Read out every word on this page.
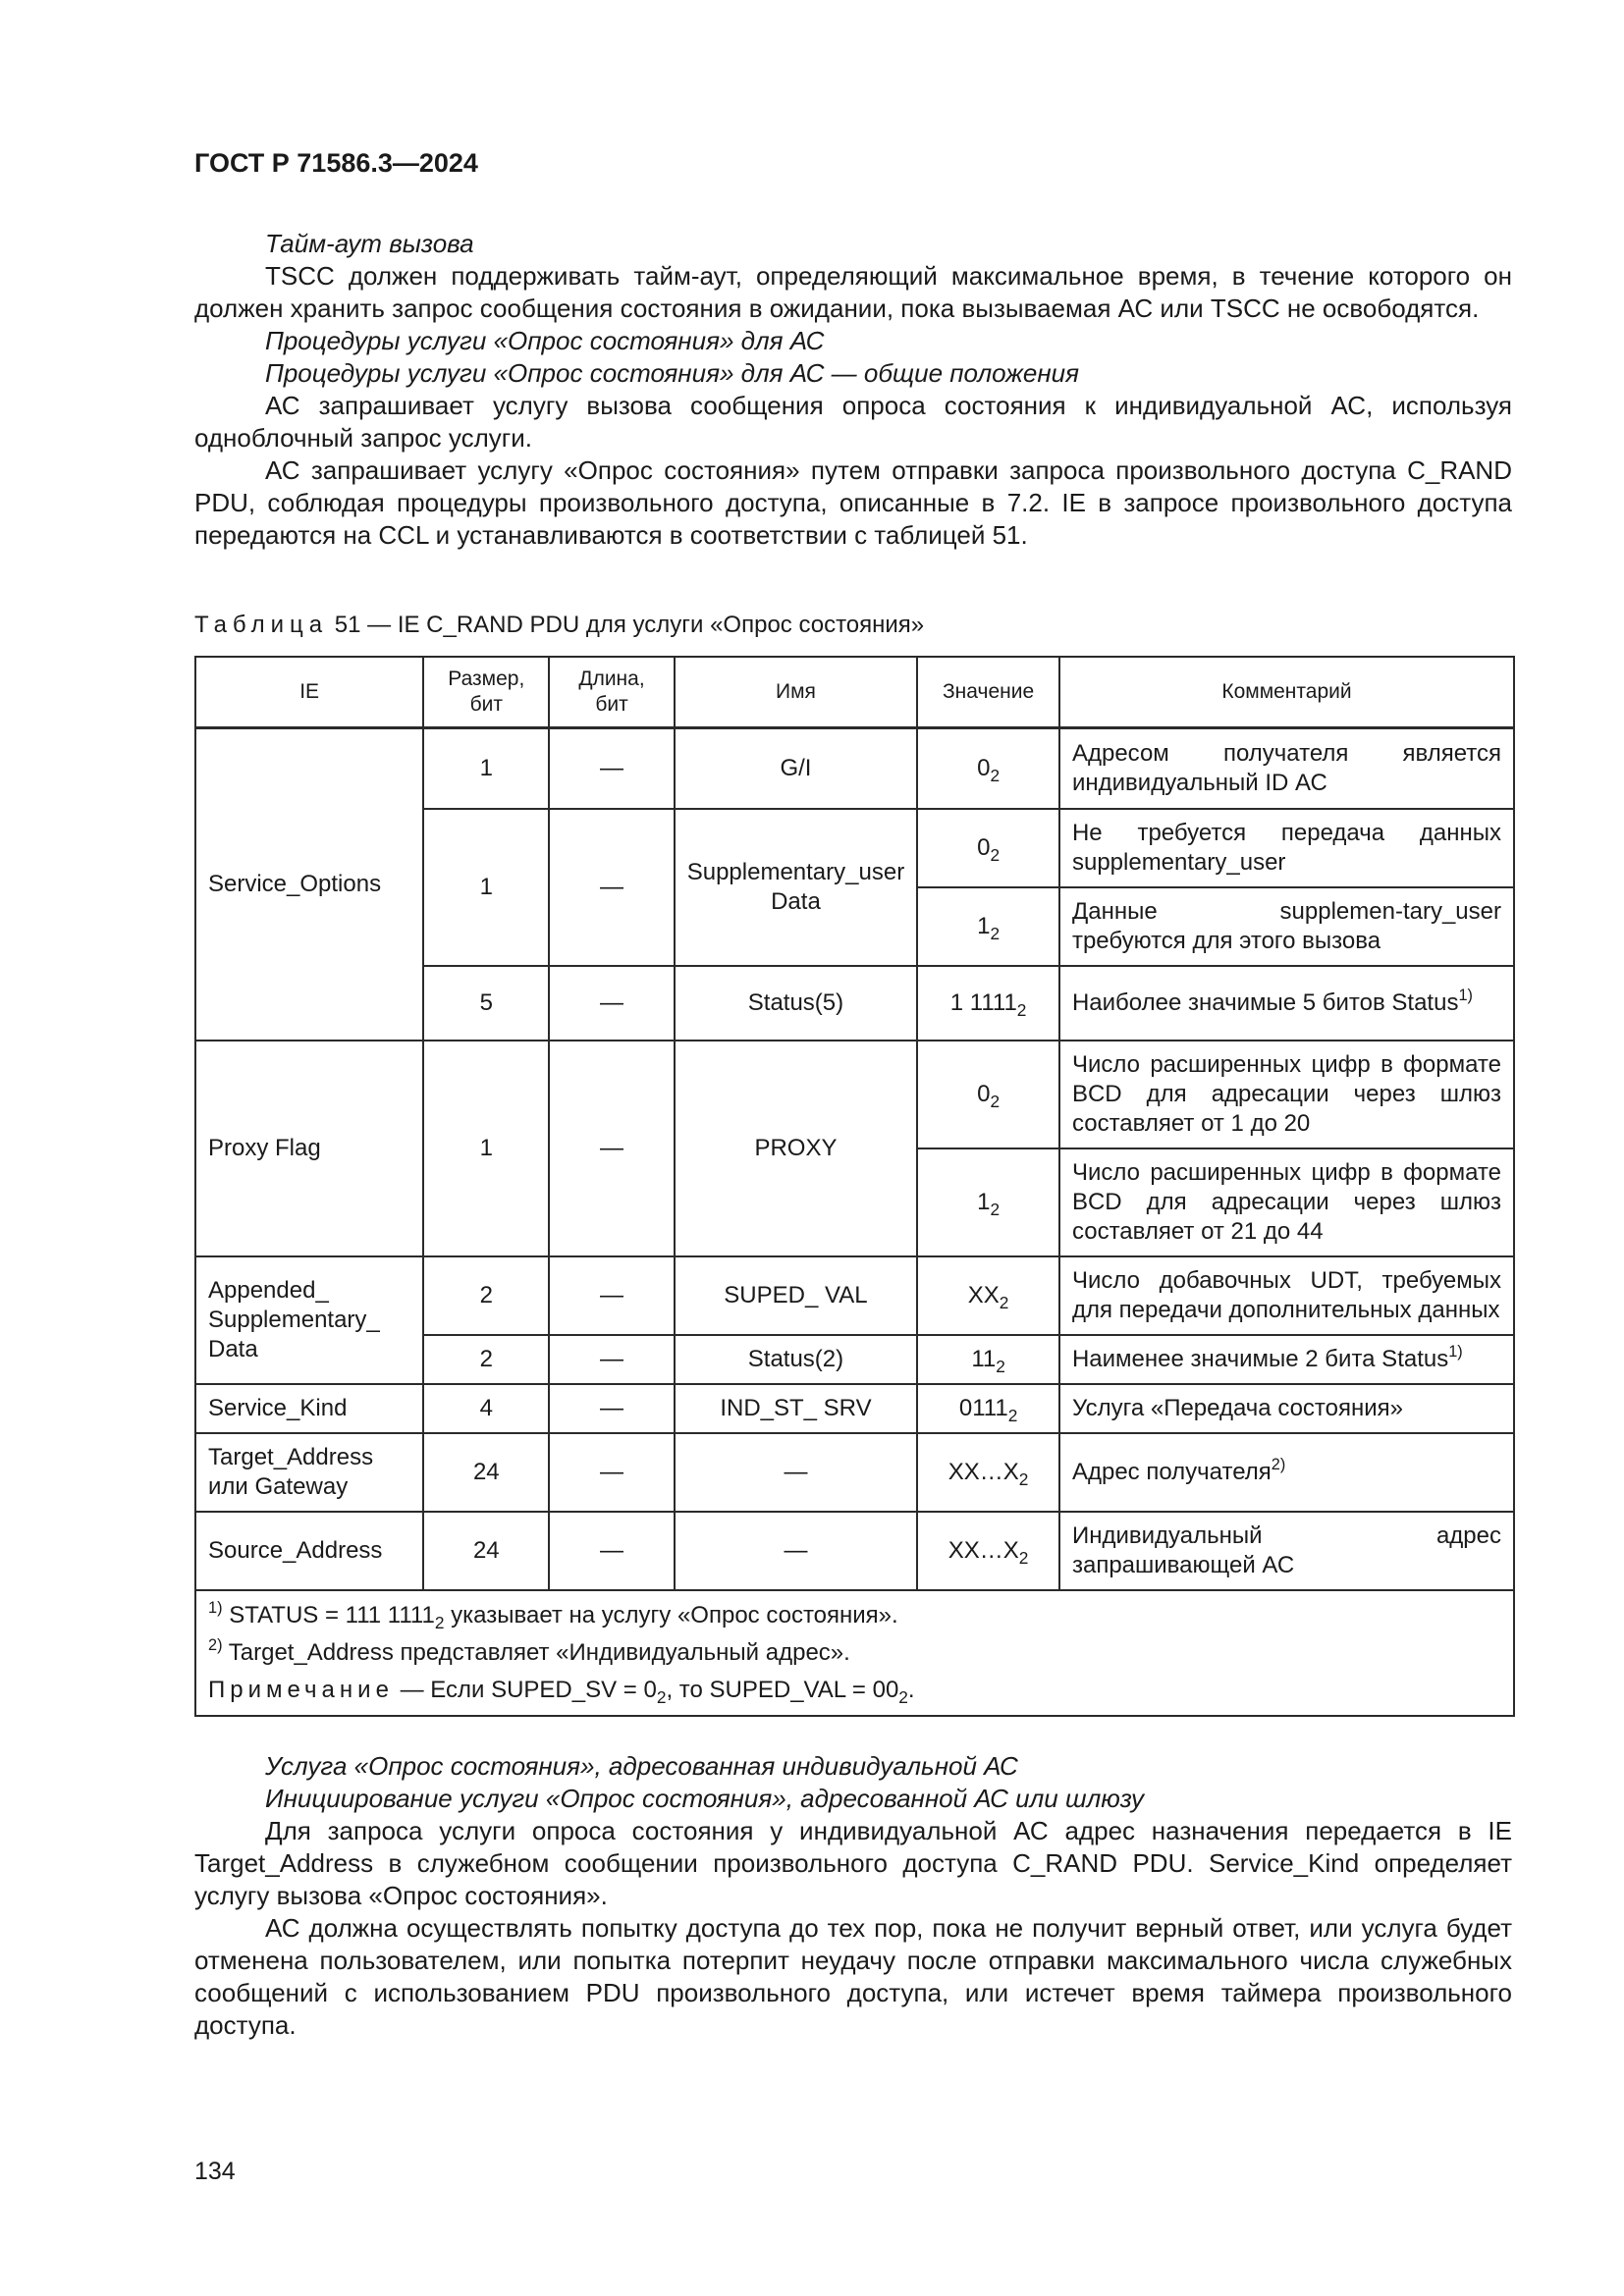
ГОСТ Р 71586.3—2024

Тайм-аут вызова

TSCC должен поддерживать тайм-аут, определяющий максимальное время, в течение которого он должен хранить запрос сообщения состояния в ожидании, пока вызываемая АС или TSCC не освободятся.

Процедуры услуги «Опрос состояния» для АС

Процедуры услуги «Опрос состояния» для АС — общие положения

АС запрашивает услугу вызова сообщения опроса состояния к индивидуальной АС, используя одноблочный запрос услуги.

АС запрашивает услугу «Опрос состояния» путем отправки запроса произвольного доступа C_RAND PDU, соблюдая процедуры произвольного доступа, описанные в 7.2. IE в запросе произвольного доступа передаются на CCL и устанавливаются в соответствии с таблицей 51.

Таблица 51 — IE C_RAND PDU для услуги «Опрос состояния»
IE	Размер, бит	Длина, бит	Имя	Значение	Комментарий
Service_Options	1	—	G/I	$0_2$	Адресом получателя является индивидуальный ID АС
	1	—	Supplementary_user Data	$0_2$	Не требуется передача данных supplementary_user
				$1_2$	Данные supplemen-tary_user требуются для этого вызова
	5	—	Status(5)	1 $1111_2$	Наиболее значимые 5 битов Status$^{1)}$
Proxy Flag	1	—	PROXY	$0_2$	Число расширенных цифр в формате BCD для адресации через шлюз составляет от 1 до 20
				$1_2$	Число расширенных цифр в формате BCD для адресации через шлюз составляет от 21 до 44
Appended_ Supplementary_ Data	2	—	SUPED_ VAL	$XX_2$	Число добавочных UDT, требуемых для передачи дополнительных данных
	2	—	Status(2)	$11_2$	Наименее значимые 2 бита Status$^{1)}$
Service_Kind	4	—	IND_ST_ SRV	$0111_2$	Услуга «Передача состояния»
Target_Address или Gateway	24	—	—	$XX\dots X_2$	Адрес получателя$^{2)}$
Source_Address	24	—	—	$XX\dots X_2$	Индивидуальный адрес запрашивающей АС

$^{1)}$ STATUS = 111 $1111_2$ указывает на услугу «Опрос состояния».
$^{2)}$ Target_Address представляет «Индивидуальный адрес».
Примечание — Если SUPED_SV = $0_2$, то SUPED_VAL = $00_2$.					

Услуга «Опрос состояния», адресованная индивидуальной АС

Инициирование услуги «Опрос состояния», адресованной АС или шлюзу

Для запроса услуги опроса состояния у индивидуальной АС адрес назначения передается в IE Target_Address в служебном сообщении произвольного доступа C_RAND PDU. Service_Kind определяет услугу вызова «Опрос состояния».

АС должна осуществлять попытку доступа до тех пор, пока не получит верный ответ, или услуга будет отменена пользователем, или попытка потерпит неудачу после отправки максимального числа служебных сообщений с использованием PDU произвольного доступа, или истечет время таймера произвольного доступа.

134
